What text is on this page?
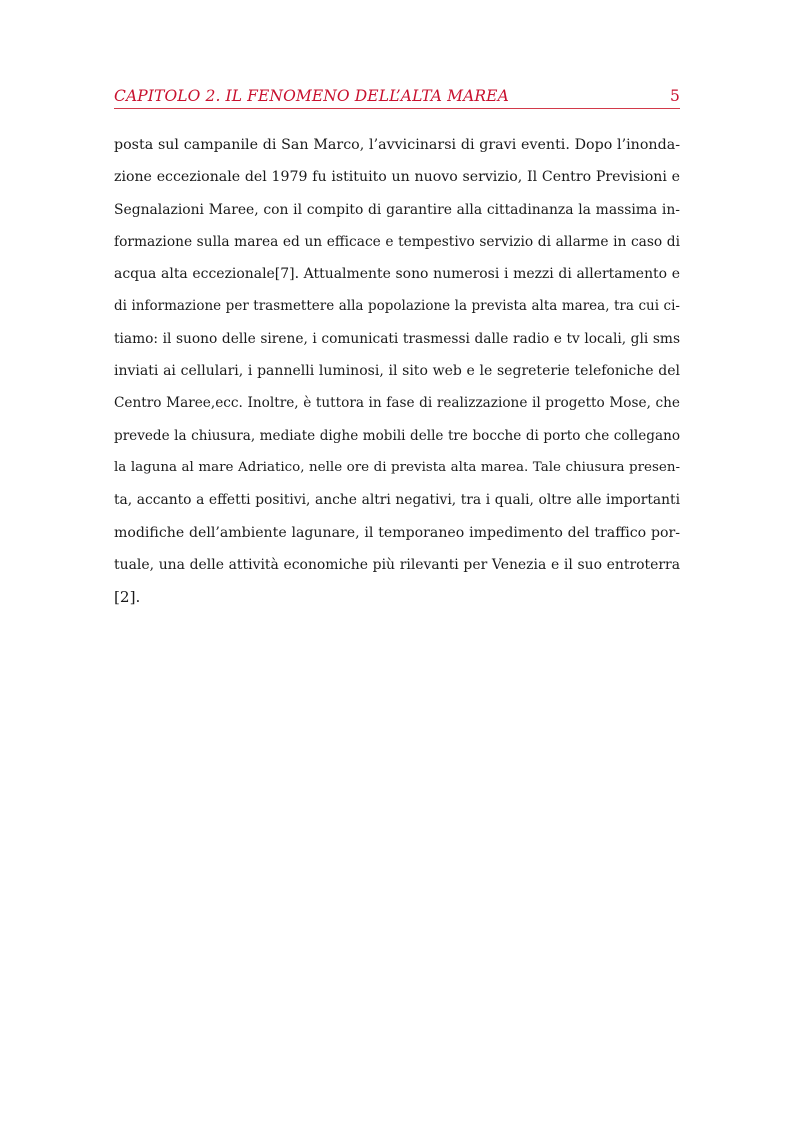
CAPITOLO 2. IL FENOMENO DELL’ALTA MAREA	5
posta sul campanile di San Marco, l’avvicinarsi di gravi eventi. Dopo l’inonda-
zione eccezionale del 1979 fu istituito un nuovo servizio, Il Centro Previsioni e
Segnalazioni Maree, con il compito di garantire alla cittadinanza la massima in-
formazione sulla marea ed un efficace e tempestivo servizio di allarme in caso di
acqua alta eccezionale[7]. Attualmente sono numerosi i mezzi di allertamento e
di informazione per trasmettere alla popolazione la prevista alta marea, tra cui ci-
tiamo: il suono delle sirene, i comunicati trasmessi dalle radio e tv locali, gli sms
inviati ai cellulari, i pannelli luminosi, il sito web e le segreterie telefoniche del
Centro Maree,ecc. Inoltre, è tuttora in fase di realizzazione il progetto Mose, che
prevede la chiusura, mediate dighe mobili delle tre bocche di porto che collegano
la laguna al mare Adriatico, nelle ore di prevista alta marea. Tale chiusura presen-
ta, accanto a effetti positivi, anche altri negativi, tra i quali, oltre alle importanti
modifiche dell’ambiente lagunare, il temporaneo impedimento del traffico por-
tuale, una delle attività economiche più rilevanti per Venezia e il suo entroterra
[2].
